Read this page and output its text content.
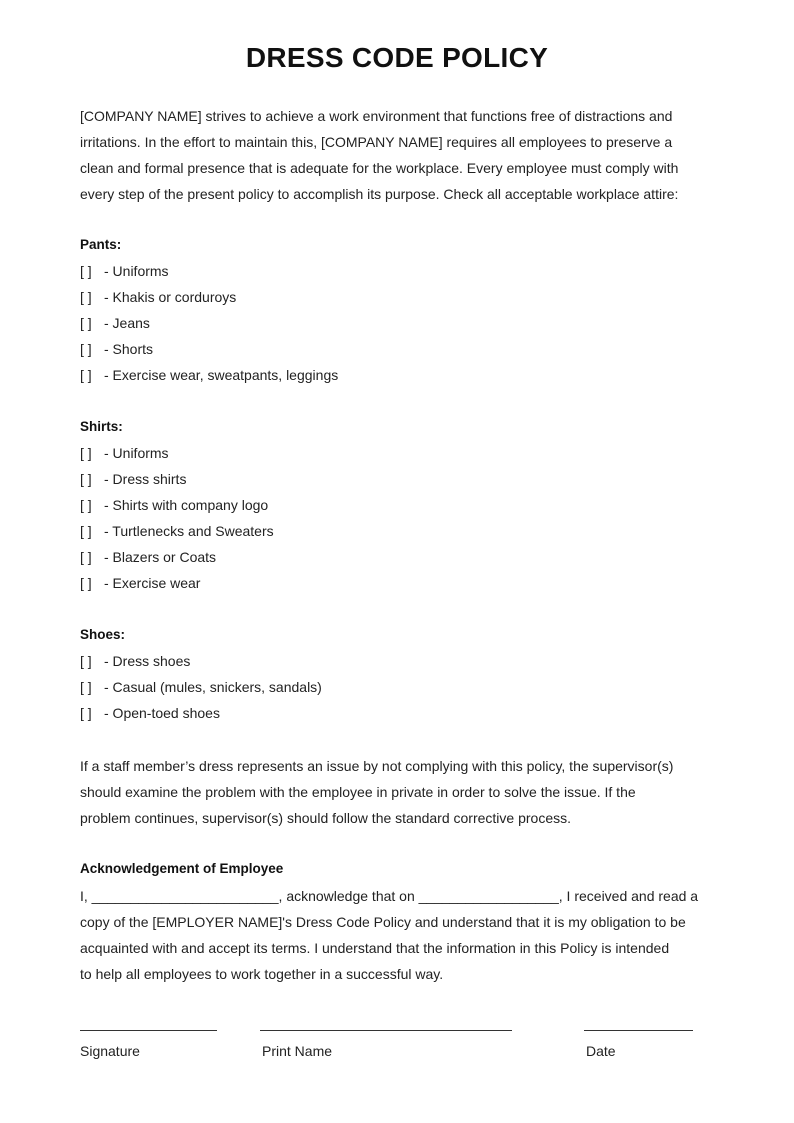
DRESS CODE POLICY

[COMPANY NAME] strives to achieve a work environment that functions free of distractions and

irritations. In the effort to maintain this, [COMPANY NAME] requires all employees to preserve a

clean and formal presence that is adequate for the workplace. Every employee must comply with

every step of the present policy to accomplish its purpose. Check all acceptable workplace attire:

Pants:
[ ] - Uniforms
[ ] - Khakis or corduroys
[ ] - Jeans
[ ] - Shorts
[ ] - Exercise wear, sweatpants, leggings
Shirts:
[ ] - Uniforms
[ ] - Dress shirts
[ ] - Shirts with company logo
[ ] - Turtlenecks and Sweaters
[ ] - Blazers or Coats
[ ] - Exercise wear
Shoes:
[ ] - Dress shoes
[ ] - Casual (mules, snickers, sandals)
[ ] - Open-toed shoes

If a staff member’s dress represents an issue by not complying with this policy, the supervisor(s)

should examine the problem with the employee in private in order to solve the issue. If the

problem continues, supervisor(s) should follow the standard corrective process.

Acknowledgement of Employee

I, ________________________, acknowledge that on __________________, I received and read a

copy of the [EMPLOYER NAME]'s Dress Code Policy and understand that it is my obligation to be

acquainted with and accept its terms. I understand that the information in this Policy is intended

to help all employees to work together in a successful way.

Signature	Print Name	Date
